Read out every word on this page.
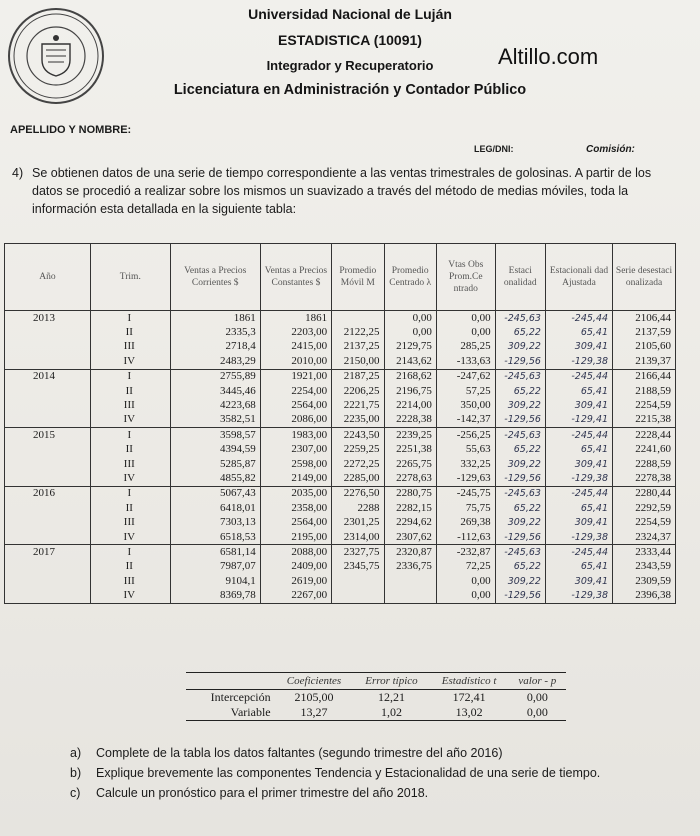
Universidad Nacional de Luján
ESTADISTICA (10091)
Integrador y Recuperatorio
Licenciatura en Administración y Contador Público
Altillo.com
APELLIDO Y NOMBRE:
LEG/DNI:	Comisión:
4) Se obtienen datos de una serie de tiempo correspondiente a las ventas trimestrales de golosinas. A partir de los datos se procedió a realizar sobre los mismos un suavizado a través del método de medias móviles, toda la información esta detallada en la siguiente tabla:
Año	Trim.	Ventas a Precios Corrientes $	Ventas a Precios Constantes $	Promedio Móvil M	Promedio Centrado λ	Vtas Obs Prom.Ce ntrado	Estaci onalidad	Estacionali dad Ajustada	Serie desestaci onalizada
2013	I	1861	1861		0,00	0,00	-245,63	-245,44	2106,44
	II	2335,3	2203,00	2122,25	0,00	0,00	65,22	65,41	2137,59
	III	2718,4	2415,00	2137,25	2129,75	285,25	309,22	309,41	2105,60
	IV	2483,29	2010,00	2150,00	2143,62	-133,63	-129,56	-129,38	2139,37
2014	I	2755,89	1921,00	2187,25	2168,62	-247,62	-245,63	-245,44	2166,44
	II	3445,46	2254,00	2206,25	2196,75	57,25	65,22	65,41	2188,59
	III	4223,68	2564,00	2221,75	2214,00	350,00	309,22	309,41	2254,59
	IV	3582,51	2086,00	2235,00	2228,38	-142,37	-129,56	-129,41	2215,38
2015	I	3598,57	1983,00	2243,50	2239,25	-256,25	-245,63	-245,44	2228,44
	II	4394,59	2307,00	2259,25	2251,38	55,63	65,22	65,41	2241,60
	III	5285,87	2598,00	2272,25	2265,75	332,25	309,22	309,41	2288,59
	IV	4855,82	2149,00	2285,00	2278,63	-129,63	-129,56	-129,38	2278,38
2016	I	5067,43	2035,00	2276,50	2280,75	-245,75	-245,63	-245,44	2280,44
	II	6418,01	2358,00	2288	2282,15	75,75	65,22	65,41	2292,59
	III	7303,13	2564,00	2301,25	2294,62	269,38	309,22	309,41	2254,59
	IV	6518,53	2195,00	2314,00	2307,62	-112,63	-129,56	-129,38	2324,37
2017	I	6581,14	2088,00	2327,75	2320,87	-232,87	-245,63	-245,44	2333,44
	II	7987,07	2409,00	2345,75	2336,75	72,25	65,22	65,41	2343,59
	III	9104,1	2619,00			0,00	309,22	309,41	2309,59
	IV	8369,78	2267,00			0,00	-129,56	-129,38	2396,38
	Coeficientes	Error típico	Estadístico t	valor - p
Intercepción	2105,00	12,21	172,41	0,00
Variable	13,27	1,02	13,02	0,00
a) Complete de la tabla los datos faltantes (segundo trimestre del año 2016)
b) Explique brevemente las componentes Tendencia y Estacionalidad de una serie de tiempo.
c) Calcule un pronóstico para el primer trimestre del año 2018.
